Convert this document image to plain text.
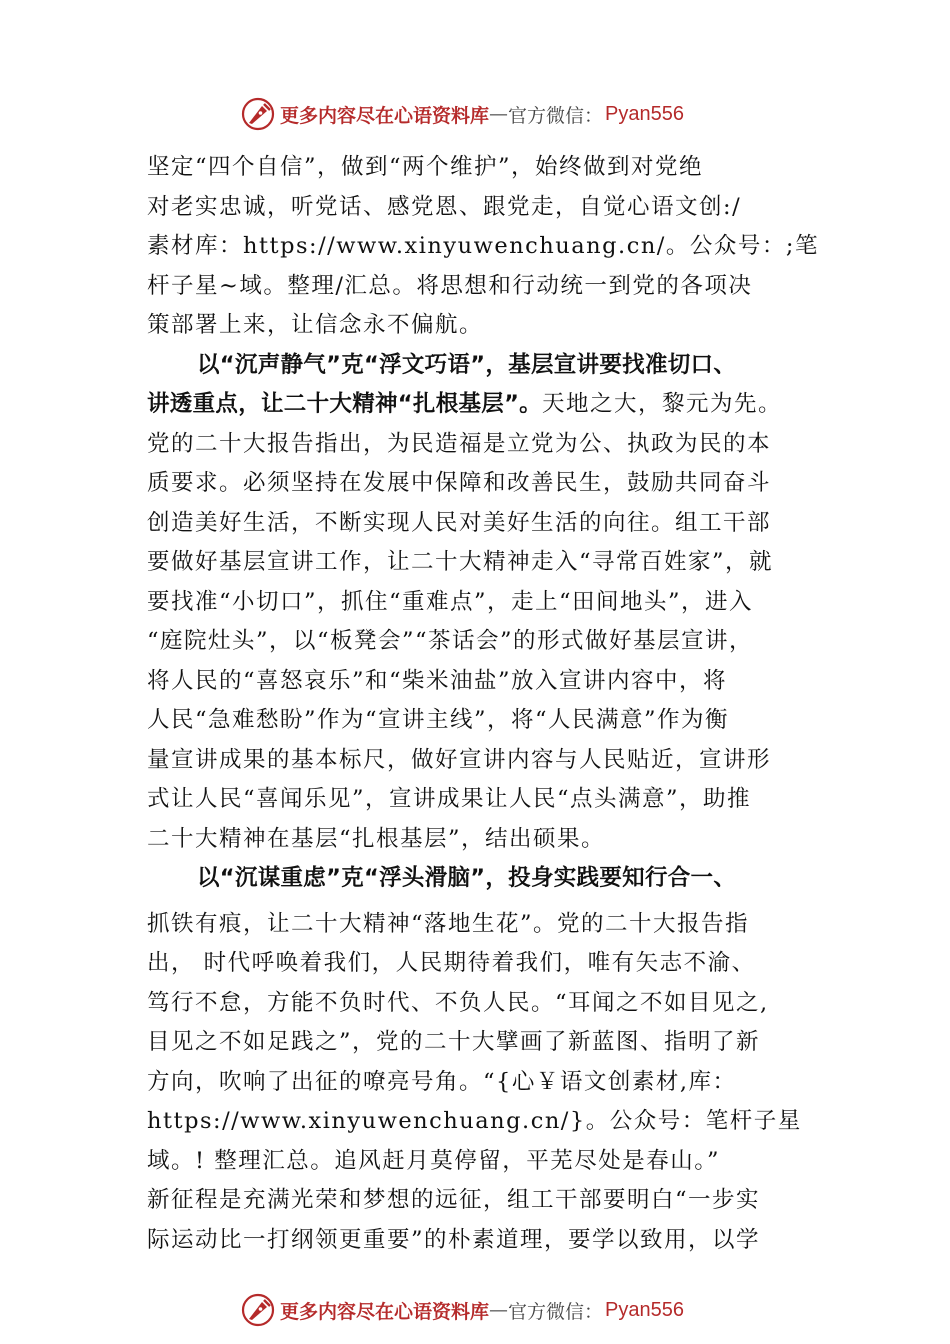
更多内容尽在心语资料库 — 官方微信 ： Pyan556
坚定“四个自信”，做到“两个维护”，始终做到对党绝
对老实忠诚，听党话、感党恩、跟党走，自觉心语文创:/
素材库：https://www.xinyuwenchuang.cn/。公众号：;笔
杆子星~域。整理/汇总。将思想和行动统一到党的各项决
策部署上来，让信念永不偏航。
以“沉声静气”克“浮文巧语”，基层宣讲要找准切口、
讲透重点，让二十大精神“扎根基层”。天地之大，黎元为先。
党的二十大报告指出，为民造福是立党为公、执政为民的本
质要求。必须坚持在发展中保障和改善民生，鼓励共同奋斗
创造美好生活，不断实现人民对美好生活的向往。组工干部
要做好基层宣讲工作，让二十大精神走入“寻常百姓家”，就
要找准“小切口”，抓住“重难点”，走上“田间地头”，进入
“庭院灶头”，以“板凳会”“茶话会”的形式做好基层宣讲，
将人民的“喜怒哀乐”和“柴米油盐”放入宣讲内容中，将
人民“急难愁盼”作为“宣讲主线”，将“人民满意”作为衡
量宣讲成果的基本标尺，做好宣讲内容与人民贴近，宣讲形
式让人民“喜闻乐见”，宣讲成果让人民“点头满意”，助推
二十大精神在基层“扎根基层”，结出硕果。
以“沉谋重虑”克“浮头滑脑”，投身实践要知行合一、
抓铁有痕，让二十大精神“落地生花”。党的二十大报告指
出， 时代呼唤着我们，人民期待着我们，唯有矢志不渝、
笃行不怠，方能不负时代、不负人民。“耳闻之不如目见之,
目见之不如足践之”，党的二十大擘画了新蓝图、指明了新
方向，吹响了出征的嘹亮号角。“{心￥语文创素材,库：
https://www.xinyuwenchuang.cn/}。公众号：笔杆子星
域。! 整理汇总。追风赶月莫停留，平芜尽处是春山。”
新征程是充满光荣和梦想的远征，组工干部要明白“一步实
际运动比一打纲领更重要”的朴素道理，要学以致用，以学
更多内容尽在心语资料库 — 官方微信 ： Pyan556
